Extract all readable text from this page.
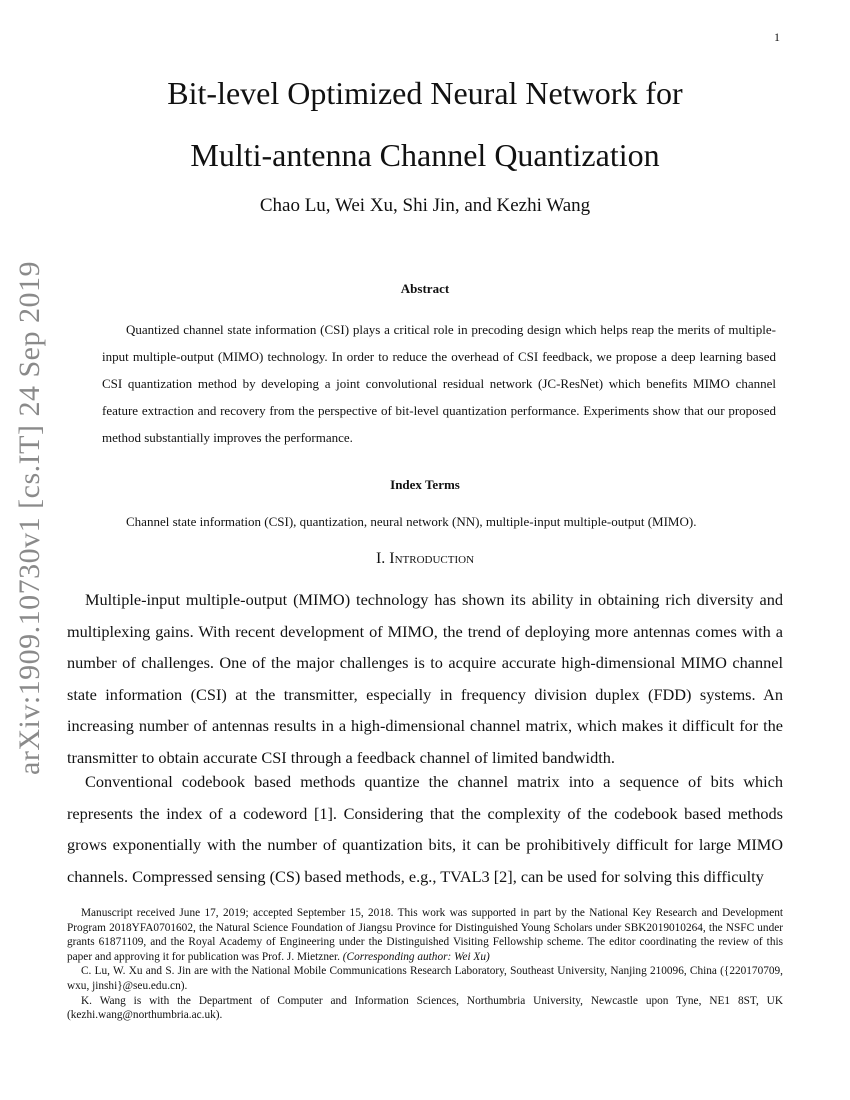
1
arXiv:1909.10730v1 [cs.IT] 24 Sep 2019
Bit-level Optimized Neural Network for
Multi-antenna Channel Quantization
Chao Lu, Wei Xu, Shi Jin, and Kezhi Wang
Abstract
Quantized channel state information (CSI) plays a critical role in precoding design which helps reap the merits of multiple-input multiple-output (MIMO) technology. In order to reduce the overhead of CSI feedback, we propose a deep learning based CSI quantization method by developing a joint convolutional residual network (JC-ResNet) which benefits MIMO channel feature extraction and recovery from the perspective of bit-level quantization performance. Experiments show that our proposed method substantially improves the performance.
Index Terms
Channel state information (CSI), quantization, neural network (NN), multiple-input multiple-output (MIMO).
I. Introduction
Multiple-input multiple-output (MIMO) technology has shown its ability in obtaining rich diversity and multiplexing gains. With recent development of MIMO, the trend of deploying more antennas comes with a number of challenges. One of the major challenges is to acquire accurate high-dimensional MIMO channel state information (CSI) at the transmitter, especially in frequency division duplex (FDD) systems. An increasing number of antennas results in a high-dimensional channel matrix, which makes it difficult for the transmitter to obtain accurate CSI through a feedback channel of limited bandwidth.
Conventional codebook based methods quantize the channel matrix into a sequence of bits which represents the index of a codeword [1]. Considering that the complexity of the codebook based methods grows exponentially with the number of quantization bits, it can be prohibitively difficult for large MIMO channels. Compressed sensing (CS) based methods, e.g., TVAL3 [2], can be used for solving this difficulty

Manuscript received June 17, 2019; accepted September 15, 2018. This work was supported in part by the National Key Research and Development Program 2018YFA0701602, the Natural Science Foundation of Jiangsu Province for Distinguished Young Scholars under SBK2019010264, the NSFC under grants 61871109, and the Royal Academy of Engineering under the Distinguished Visiting Fellowship scheme. The editor coordinating the review of this paper and approving it for publication was Prof. J. Mietzner. (Corresponding author: Wei Xu)

C. Lu, W. Xu and S. Jin are with the National Mobile Communications Research Laboratory, Southeast University, Nanjing 210096, China ({220170709, wxu, jinshi}@seu.edu.cn).

K. Wang is with the Department of Computer and Information Sciences, Northumbria University, Newcastle upon Tyne, NE1 8ST, UK (kezhi.wang@northumbria.ac.uk).
